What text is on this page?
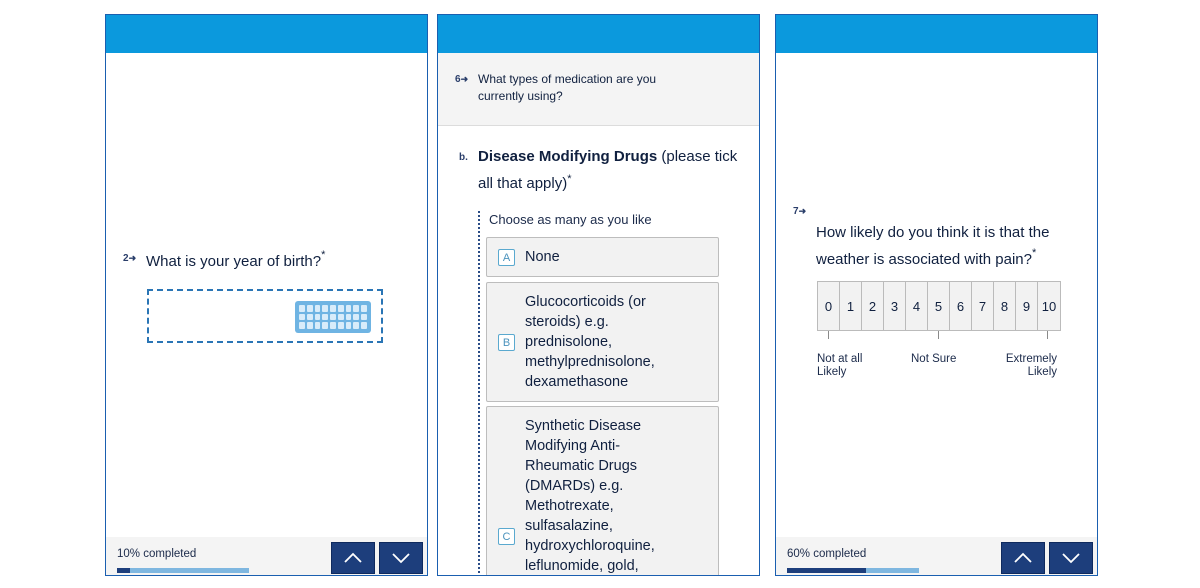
2➜ What is your year of birth?*
10% completed
6➜ What types of medication are you currently using?
b. Disease Modifying Drugs (please tick all that apply)*
Choose as many as you like
A	None
B
Glucocorticoids (or steroids) e.g. prednisolone, methylprednisolone, dexamethasone
C
Synthetic Disease Modifying Anti-Rheumatic Drugs (DMARDs) e.g. Methotrexate, sulfasalazine, hydroxychloroquine, leflunomide, gold,
7➜
How likely do you think it is that the weather is associated with pain?*
0	1	2	3	4	5	6	7	8	9 10
Not at all Likely
Not Sure	Extremely Likely
60% completed
